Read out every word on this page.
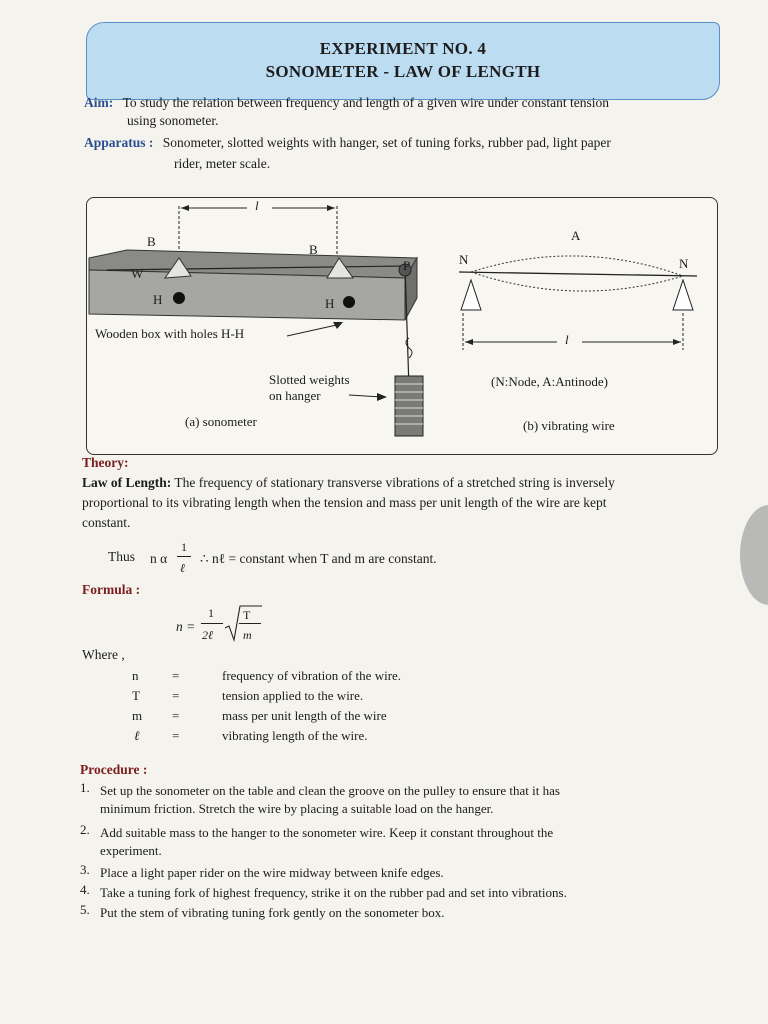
EXPERIMENT NO. 4
SONOMETER - LAW OF LENGTH
Aim: To study the relation between frequency and length of a given wire under constant tension
using sonometer.
Apparatus : Sonometer, slotted weights with hanger, set of tuning forks, rubber pad, light paper
rider, meter scale.
l
B
B
W
P
H	H
Wooden box with holes H-H
Slotted weights
on hanger
(a) sonometer
A
N	N
l
(N:Node, A:Antinode)
(b) vibrating wire
Theory:
Law of Length: The frequency of stationary transverse vibrations of a stretched string is inversely
proportional to its vibrating length when the tension and mass per unit length of the wire are kept
constant.
Thus n α
1
ℓ
∴ nℓ = constant when T and m are constant.
Formula :
n =
1
2ℓ
T
m
Where ,
n	=	frequency of vibration of the wire.
T =	tension applied to the wire.
m =	mass per unit length of the wire
ℓ	=	vibrating length of the wire.
Procedure :
1. Set up the sonometer on the table and clean the groove on the pulley to ensure that it has
minimum friction. Stretch the wire by placing a suitable load on the hanger.
2. Add suitable mass to the hanger to the sonometer wire. Keep it constant throughout the
experiment.
3. Place a light paper rider on the wire midway between knife edges.
4. Take a tuning fork of highest frequency, strike it on the rubber pad and set into vibrations.
5. Put the stem of vibrating tuning fork gently on the sonometer box.
